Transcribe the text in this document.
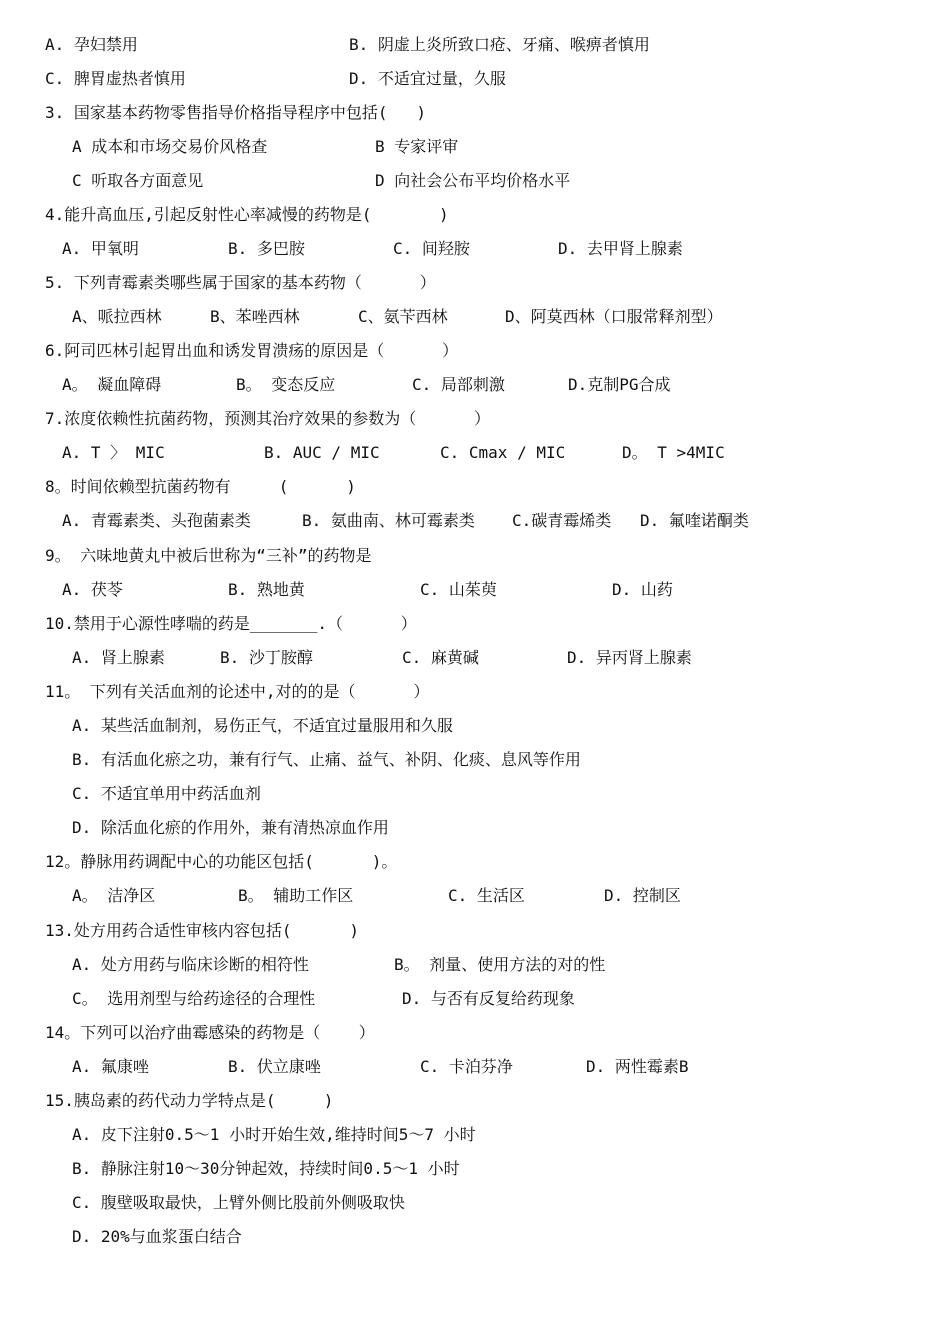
A. 孕妇禁用	B. 阴虚上炎所致口疮、牙痛、喉痹者慎用
C. 脾胃虚热者慎用	D. 不适宜过量，久服
3. 国家基本药物零售指导价格指导程序中包括(   )
A 成本和市场交易价风格查	B 专家评审
C 听取各方面意见	D 向社会公布平均价格水平
4.能升高血压,引起反射性心率减慢的药物是(       )
A. 甲氧明	B. 多巴胺	C. 间羟胺	D. 去甲肾上腺素
5. 下列青霉素类哪些属于国家的基本药物（      ）
A、哌拉西林	B、苯唑西林	C、氨苄西林	D、阿莫西林（口服常释剂型）
6.阿司匹林引起胃出血和诱发胃溃疡的原因是（      ）
A。 凝血障碍	B。 变态反应	C. 局部刺激	D.克制PG合成
7.浓度依赖性抗菌药物，预测其治疗效果的参数为（      ）
A. T 〉 MIC	B. AUC / MIC	C. Cmax / MIC	D。 T >4MIC
8。时间依赖型抗菌药物有     (      )
A. 青霉素类、头孢菌素类	B. 氨曲南、林可霉素类 C.碳青霉烯类 D. 氟喹诺酮类
9。 六味地黄丸中被后世称为“三补”的药物是
A. 茯苓	B. 熟地黄	C. 山茱萸	D. 山药
10.禁用于心源性哮喘的药是_______.（      ）
A. 肾上腺素	B. 沙丁胺醇	C. 麻黄碱	D. 异丙肾上腺素
11。 下列有关活血剂的论述中,对的的是（      ）
A. 某些活血制剂，易伤正气，不适宜过量服用和久服
B. 有活血化瘀之功，兼有行气、止痛、益气、补阴、化痰、息风等作用
C. 不适宜单用中药活血剂
D. 除活血化瘀的作用外，兼有清热凉血作用
12。静脉用药调配中心的功能区包括(      )。
A。 洁净区	B。 辅助工作区	C. 生活区	D. 控制区
13.处方用药合适性审核内容包括(      )
A. 处方用药与临床诊断的相符性	B。 剂量、使用方法的对的性
C。 选用剂型与给药途径的合理性	D. 与否有反复给药现象
14。下列可以治疗曲霉感染的药物是（    ）
A. 氟康唑	B. 伏立康唑	C. 卡泊芬净	D. 两性霉素B
15.胰岛素的药代动力学特点是(     )
A. 皮下注射0.5～1 小时开始生效,维持时间5～7 小时
B. 静脉注射10～30分钟起效，持续时间0.5～1 小时
C. 腹壁吸取最快，上臂外侧比股前外侧吸取快
D. 20%与血浆蛋白结合
